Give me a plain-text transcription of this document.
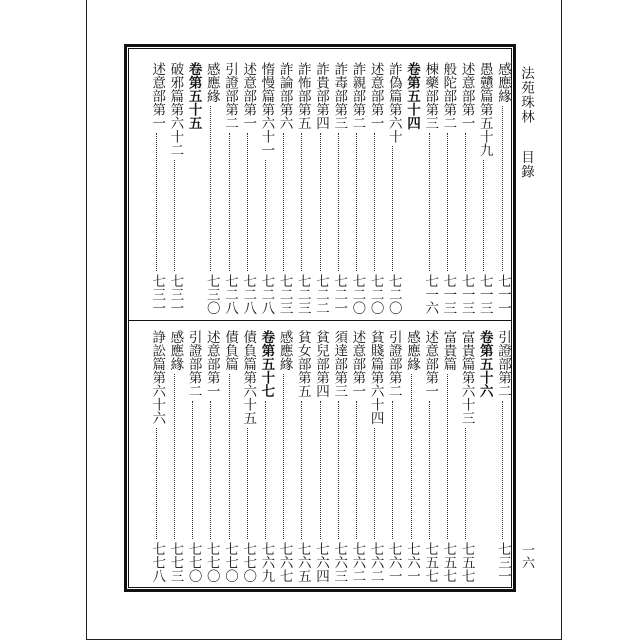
法苑珠林目錄
一六
感應緣
七一一
愚戇篇第五十九
七一三
述意部第一
七一三
般陀部第二
七一三
棟藥部第三
七一六
卷第五十四
詐偽篇第六十
七二〇
述意部第一
七二〇
詐親部第二
七二〇
詐毒部第三
七二一
詐貴部第四
七二二
詐怖部第五
七二三
詐論部第六
七二三
惰慢篇第六十一
七二八
述意部第一
七二八
引證部第二
七二八
感應緣
七三〇
卷第五十五
破邪篇第六十二
七三一
述意部第一
七三一
引證部第二
七三一
卷第五十六
富貴篇第六十三
七五七
富貴篇
七五七
述意部第一
七五七
感應緣
七六一
引證部第二
七六一
貧賤篇第六十四
七六二
述意部第一
七六二
須達部第三
七六三
貧兒部第四
七六四
貧女部第五
七六五
感應緣
七六七
卷第五十七
七六九
債負篇第六十五
七七〇
債負篇
七七〇
述意部第一
七七〇
引證部第二
七七〇
感應緣
七七三
諍訟篇第六十六
七七八
